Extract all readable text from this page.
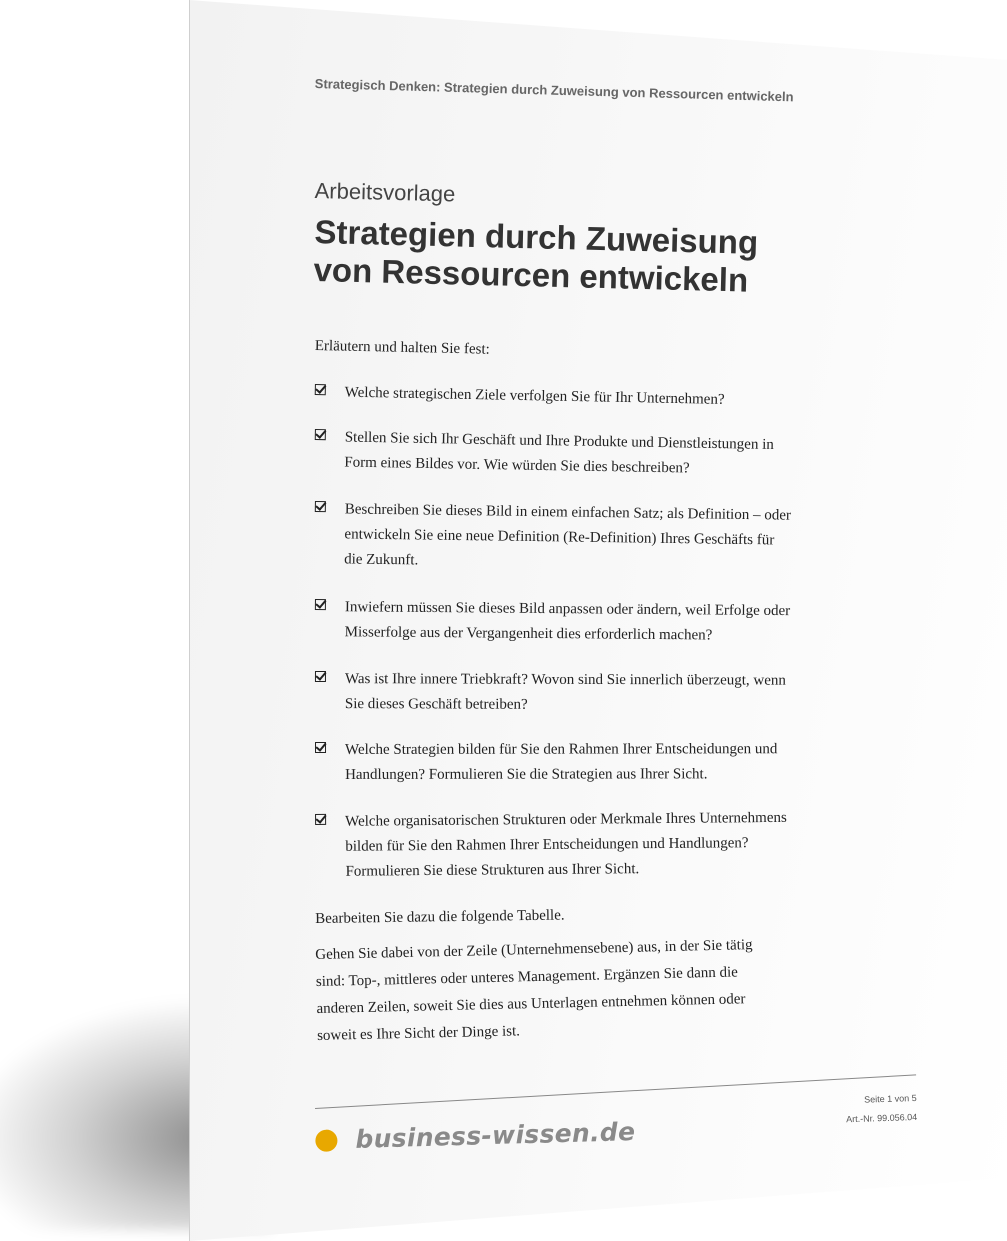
Strategisch Denken: Strategien durch Zuweisung von Ressourcen entwickeln
Arbeitsvorlage
Strategien durch Zuweisung
von Ressourcen entwickeln
Erläutern und halten Sie fest:
Welche strategischen Ziele verfolgen Sie für Ihr Unternehmen?
Stellen Sie sich Ihr Geschäft und Ihre Produkte und Dienstleistungen in Form eines Bildes vor. Wie würden Sie dies beschreiben?
Beschreiben Sie dieses Bild in einem einfachen Satz; als Definition – oder entwickeln Sie eine neue Definition (Re-Definition) Ihres Geschäfts für die Zukunft.
Inwiefern müssen Sie dieses Bild anpassen oder ändern, weil Erfolge oder Misserfolge aus der Vergangenheit dies erforderlich machen?
Was ist Ihre innere Triebkraft? Wovon sind Sie innerlich überzeugt, wenn Sie dieses Geschäft betreiben?
Welche Strategien bilden für Sie den Rahmen Ihrer Entscheidungen und Handlungen? Formulieren Sie die Strategien aus Ihrer Sicht.
Welche organisatorischen Strukturen oder Merkmale Ihres Unternehmens bilden für Sie den Rahmen Ihrer Entscheidungen und Handlungen? Formulieren Sie diese Strukturen aus Ihrer Sicht.
Bearbeiten Sie dazu die folgende Tabelle.
Gehen Sie dabei von der Zeile (Unternehmensebene) aus, in der Sie tätig sind: Top-, mittleres oder unteres Management. Ergänzen Sie dann die anderen Zeilen, soweit Sie dies aus Unterlagen entnehmen können oder soweit es Ihre Sicht der Dinge ist.
Seite 1 von 5
Art.-Nr. 99.056.04
business-wissen.de
